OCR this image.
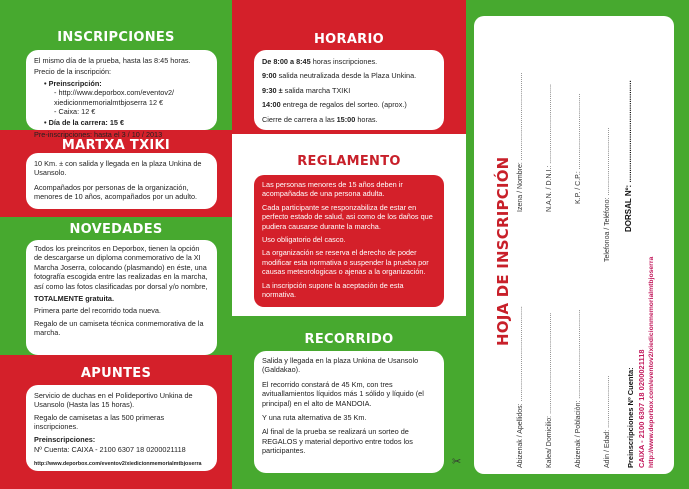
INSCRIPCIONES

El mismo día de la prueba, hasta las 8:45 horas.

Precio de la inscripción:

• Preinscripción:

- http://www.deporbox.com/eventov2/

xiedicionmemorialmtbjoserra 12 €

- Caixa: 12 €

• Día de la carrera: 15 €

Pre-inscripciones: hasta el 3 / 10 / 2013

MARTXA TXIKI

10 Km. ± con salida y llegada en la plaza Unkina de Usansolo.

Acompañados por personas de la organización, menores de 10 años, acompañados por un adulto.

NOVEDADES

Todos los preincritos en Deporbox, tienen la opción de descargarse un diploma conmemorativo de la XI Marcha Joserra, colocando (plasmando) en éste, una fotografía escogida entre las realizadas en la marcha, así como las fotos clasificadas por dorsal y/o nombre,

TOTALMENTE gratuita.

Primera parte del recorrido toda nueva.

Regalo de un camiseta técnica conmemorativa de la marcha.

APUNTES

Servicio de duchas en el Polideportivo Unkina de Usansolo (Hasta las 15 horas).

Regalo de camisetas a las 500 primeras inscripciones.

Preinscripciones:

Nº Cuenta: CAIXA - 2100 6307 18 0200021118

http://www.deporbox.com/eventov2/xiedicionmemorialmtbjoserra

HORARIO

De 8:00 a 8:45 horas inscripciones.

9:00 salida neutralizada desde la Plaza Unkina.

9:30 ± salida marcha TXIKI

14:00 entrega de regalos del sorteo. (aprox.)

Cierre de carrera a las 15:00 horas.

REGLAMENTO

Las personas menores de 15 años deben ir acompañadas de una persona adulta.

Cada participante se responzabiliza de estar en perfecto estado de salud, asi como de los daños que pudiera causarse durante la marcha.

Uso obligatorio del casco.

La organización se reserva el derecho de poder modificar esta normativa o suspender la prueba por causas meteorologicas o ajenas a la organización.

La inscripción supone la aceptación de esta normativa.

RECORRIDO

Salida y llegada en la plaza Unkina de Usansolo (Galdakao).

El recorrido constará de 45 Km, con tres avituallamientos líquidos más 1 sólido y líquido (el principal) en el alto de MANDOIA.

Y una ruta alternativa de 35 Km.

Al final de la prueba se realizará un sorteo de REGALOS y material deportivo entre todos los participantes.

HOJA DE INSCRIPCIÓN
Abizenak / Apellidos: .................................................
Izena / Nombre: .............................................
Kalea/ Domicilio: ....................................................
N.A.N. / D.N.I.: .........................................
Abizenak / Poblaciòn: ..............................................
K.P. / C.P.: .......................................
Adin / Edad: ...........................
Telefonoa / Teléfono: ................................... DORSAL Nº: ..............................................
Preinscripciones Nº Cuenta: CAIXA - 2100 6307 18 0200021118 http://www.deporbox.com/eventov2/xiedicionmemorialmtbjoserra
✂
